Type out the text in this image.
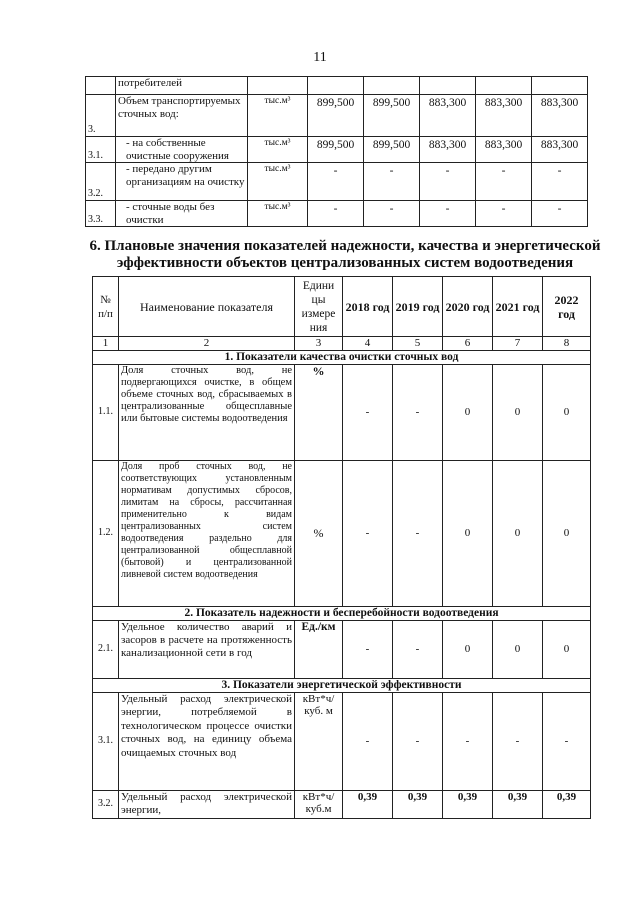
11
	потребителей						
3.	Объем транспортируемых сточных вод:	тыс.м³	899,500	899,500	883,300	883,300	883,300
3.1.	- на собственные очистные сооружения	тыс.м³	899,500	899,500	883,300	883,300	883,300
3.2.	- передано другим организациям на очистку	тыс.м³	-	-	-	-	-
3.3.	- сточные воды без очистки	тыс.м³	-	-	-	-	-
6. Плановые значения показателей надежности, качества и энергетической эффективности объектов централизованных систем водоотведения
№ п/п	Наименование показателя	Едини цы измере ния	2018 год	2019 год	2020 год	2021 год	2022 год
1	2	3	4	5	6	7	8
1. Показатели качества очистки сточных вод							
1.1.	Доля сточных вод, не подвергающихся очистке, в общем объеме сточных вод, сбрасываемых в централизованные общесплавные или бытовые системы водоотведения	%	-	-	0	0	0
1.2.	Доля проб сточных вод, не соответствующих установленным нормативам допустимых сбросов, лимитам на сбросы, рассчитанная применительно к видам централизованных систем водоотведения раздельно для централизованной общесплавной (бытовой) и централизованной ливневой систем водоотведения	%	-	-	0	0	0
2. Показатель надежности и бесперебойности водоотведения							
2.1.	Удельное количество аварий и засоров в расчете на протяженность канализационной сети в год	Ед./км	-	-	0	0	0
3. Показатели энергетической эффективности							
3.1.	Удельный расход электрической энергии, потребляемой в технологическом процессе очистки сточных вод, на единицу объема очищаемых сточных вод	кВт*ч/ куб. м	-	-	-	-	-
3.2.	Удельный расход электрической энергии,	кВт*ч/ куб.м	0,39	0,39	0,39	0,39	0,39
